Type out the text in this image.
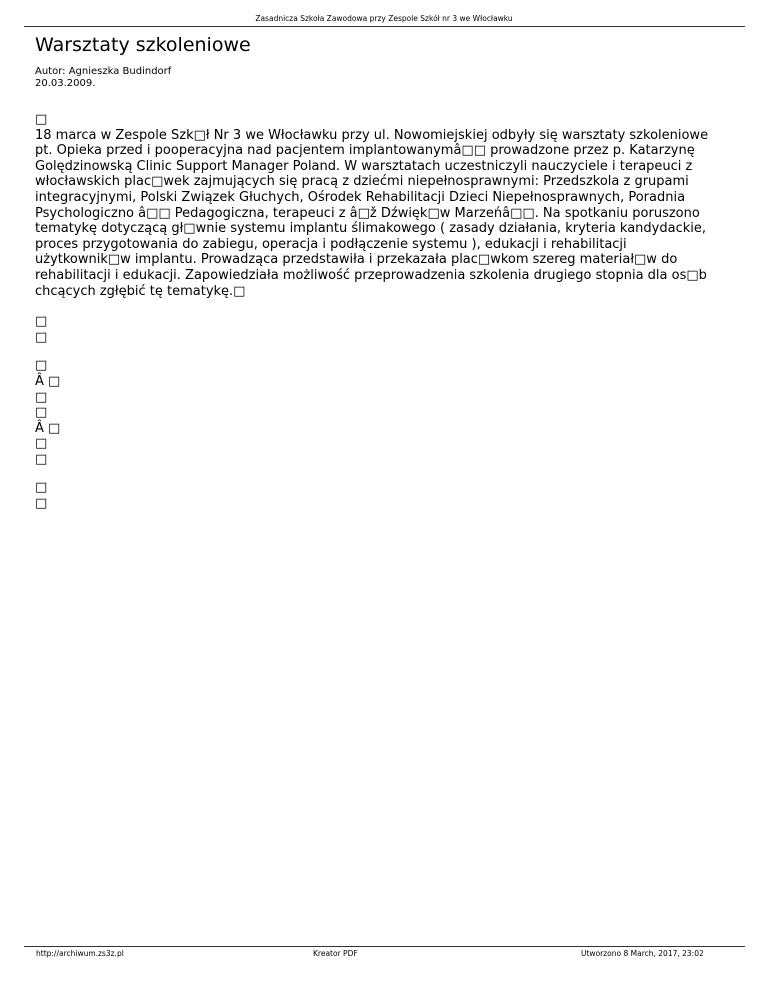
Zasadnicza Szkoła Zawodowa przy Zespole Szkół nr 3 we Włocławku
Warsztaty szkoleniowe
Autor: Agnieszka Budindorf
20.03.2009.
□

18 marca w Zespole Szk□ł Nr 3 we Włocławku przy ul. Nowomiejskiej odbyły się warsztaty szkoleniowe pt. Opieka przed i pooperacyjna nad pacjentem implantowanymâ□□ prowadzone przez p. Katarzynę Golędzinowską Clinic Support Manager Poland. W warsztatach uczestniczyli nauczyciele i terapeuci z włocławskich plac□wek zajmujących się pracą z dziećmi niepełnosprawnymi: Przedszkola z grupami integracyjnymi, Polski Związek Głuchych, Ośrodek Rehabilitacji Dzieci Niepełnosprawnych, Poradnia Psychologiczno â□□ Pedagogiczna, terapeuci z â□ž Dźwięk□w Marzeńâ□□. Na spotkaniu poruszono tematykę dotyczącą gł□wnie systemu implantu ślimakowego ( zasady działania, kryteria kandydackie, proces przygotowania do zabiegu, operacja i podłączenie systemu ), edukacji i rehabilitacji użytkownik□w implantu. Prowadząca przedstawiła i przekazała plac□wkom szereg materiał□w do rehabilitacji i edukacji. Zapowiedziała możliwość przeprowadzenia szkolenia drugiego stopnia dla os□b chcących zgłębić tę tematykę.□

□
□
□
Â □
□
□
Â □
□
□
□
□
http://archiwum.zs3z.pl	Kreator PDF	Utworzono 8 March, 2017, 23:02
